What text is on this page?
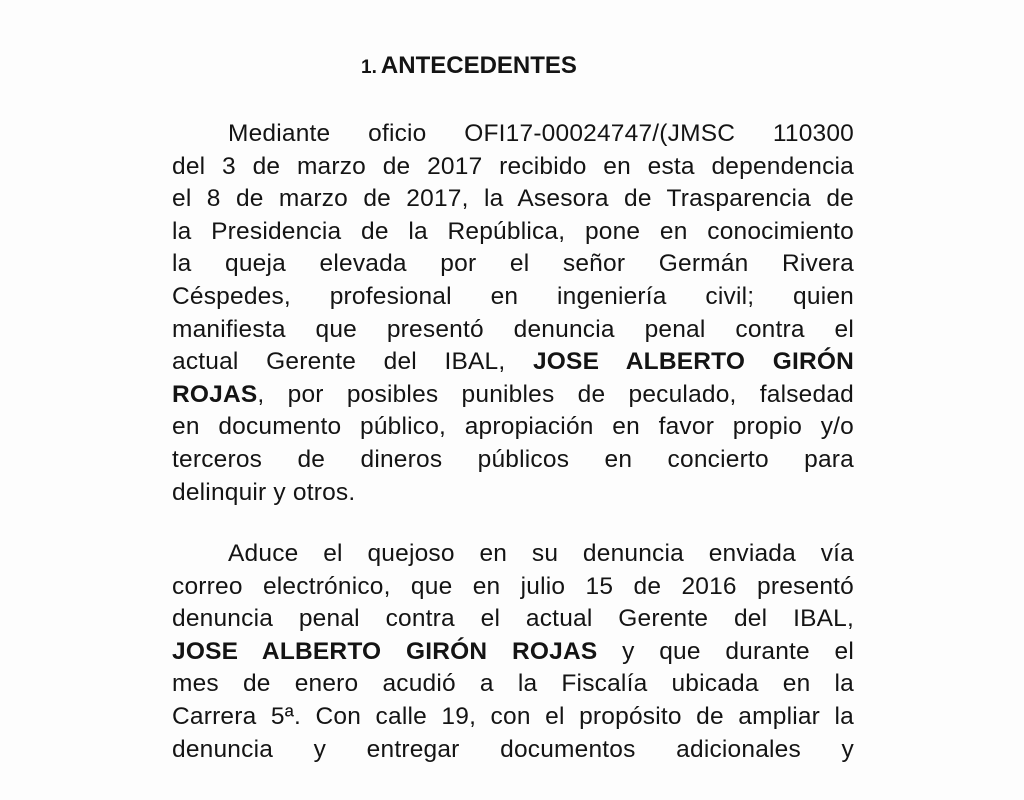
1. ANTECEDENTES
Mediante oficio OFI17-00024747/(JMSC 110300
del 3 de marzo de 2017 recibido en esta dependencia
el 8 de marzo de 2017, la Asesora de Trasparencia de
la Presidencia de la República, pone en conocimiento
la queja elevada por el señor Germán Rivera
Céspedes, profesional en ingeniería civil; quien
manifiesta que presentó denuncia penal contra el
actual Gerente del IBAL, JOSE ALBERTO GIRÓN
ROJAS, por posibles punibles de peculado, falsedad
en documento público, apropiación en favor propio y/o
terceros de dineros públicos en concierto para
delinquir y otros.
Aduce el quejoso en su denuncia enviada vía
correo electrónico, que en julio 15 de 2016 presentó
denuncia penal contra el actual Gerente del IBAL,
JOSE ALBERTO GIRÓN ROJAS y que durante el
mes de enero acudió a la Fiscalía ubicada en la
Carrera 5ª. Con calle 19, con el propósito de ampliar la
denuncia y entregar documentos adicionales y
